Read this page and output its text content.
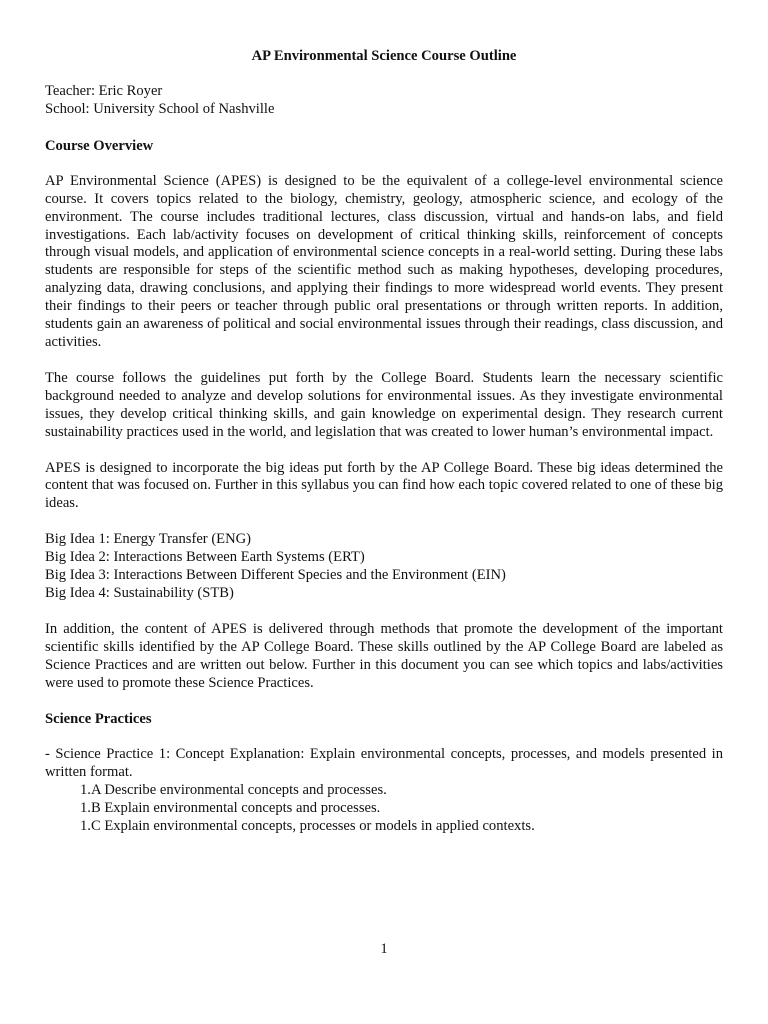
AP Environmental Science Course Outline
Teacher: Eric Royer
School: University School of Nashville
Course Overview

AP Environmental Science (APES) is designed to be the equivalent of a college-level environmental science course. It covers topics related to the biology, chemistry, geology, atmospheric science, and ecology of the environment. The course includes traditional lectures, class discussion, virtual and hands-on labs, and field investigations. Each lab/activity focuses on development of critical thinking skills, reinforcement of concepts through visual models, and application of environmental science concepts in a real-world setting. During these labs students are responsible for steps of the scientific method such as making hypotheses, developing procedures, analyzing data, drawing conclusions, and applying their findings to more widespread world events. They present their findings to their peers or teacher through public oral presentations or through written reports. In addition, students gain an awareness of political and social environmental issues through their readings, class discussion, and activities.

The course follows the guidelines put forth by the College Board. Students learn the necessary scientific background needed to analyze and develop solutions for environmental issues. As they investigate environmental issues, they develop critical thinking skills, and gain knowledge on experimental design. They research current sustainability practices used in the world, and legislation that was created to lower human’s environmental impact.

APES is designed to incorporate the big ideas put forth by the AP College Board. These big ideas determined the content that was focused on. Further in this syllabus you can find how each topic covered related to one of these big ideas.

Big Idea 1: Energy Transfer (ENG)
Big Idea 2: Interactions Between Earth Systems (ERT)
Big Idea 3: Interactions Between Different Species and the Environment (EIN)
Big Idea 4: Sustainability (STB)

In addition, the content of APES is delivered through methods that promote the development of the important scientific skills identified by the AP College Board. These skills outlined by the AP College Board are labeled as Science Practices and are written out below. Further in this document you can see which topics and labs/activities were used to promote these Science Practices.

Science Practices
- Science Practice 1: Concept Explanation: Explain environmental concepts, processes, and models presented in written format.
1.A Describe environmental concepts and processes.
1.B Explain environmental concepts and processes.
1.C Explain environmental concepts, processes or models in applied contexts.
1
